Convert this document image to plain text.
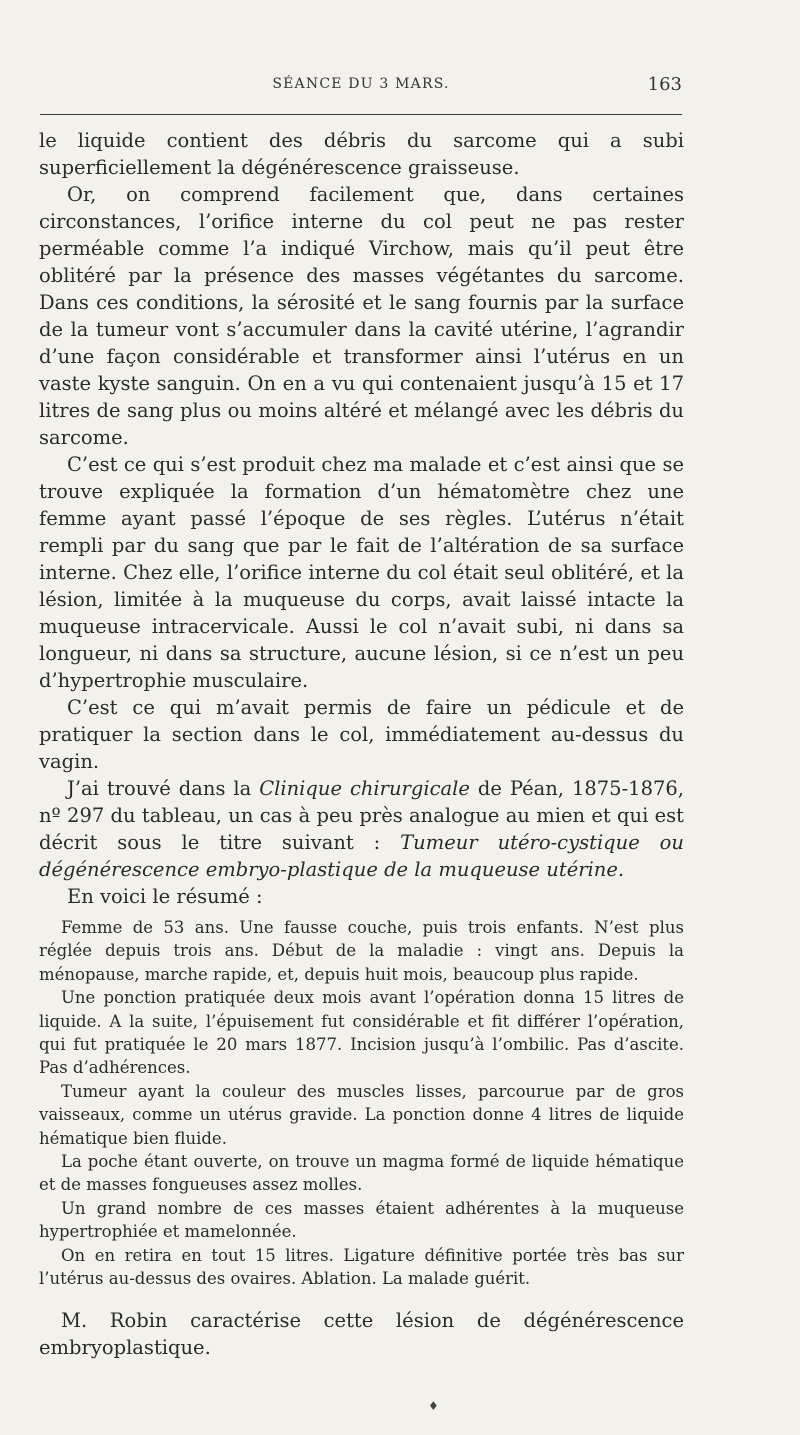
SÉANCE DU 3 MARS.	163

le liquide contient des débris du sarcome qui a subi superficiellement la dégénérescence graisseuse.

Or, on comprend facilement que, dans certaines circonstances, l’orifice interne du col peut ne pas rester perméable comme l’a indiqué Virchow, mais qu’il peut être oblitéré par la présence des masses végétantes du sarcome. Dans ces conditions, la sérosité et le sang fournis par la surface de la tumeur vont s’accumuler dans la cavité utérine, l’agrandir d’une façon considérable et transformer ainsi l’utérus en un vaste kyste sanguin. On en a vu qui contenaient jusqu’à 15 et 17 litres de sang plus ou moins altéré et mélangé avec les débris du sarcome.

C’est ce qui s’est produit chez ma malade et c’est ainsi que se trouve expliquée la formation d’un hématomètre chez une femme ayant passé l’époque de ses règles. L’utérus n’était rempli par du sang que par le fait de l’altération de sa surface interne. Chez elle, l’orifice interne du col était seul oblitéré, et la lésion, limitée à la muqueuse du corps, avait laissé intacte la muqueuse intracervicale. Aussi le col n’avait subi, ni dans sa longueur, ni dans sa structure, aucune lésion, si ce n’est un peu d’hypertrophie musculaire.

C’est ce qui m’avait permis de faire un pédicule et de pratiquer la section dans le col, immédiatement au-dessus du vagin.

J’ai trouvé dans la Clinique chirurgicale de Péan, 1875-1876, nº 297 du tableau, un cas à peu près analogue au mien et qui est décrit sous le titre suivant : Tumeur utéro-cystique ou dégénérescence embryo-plastique de la muqueuse utérine.

En voici le résumé :

Femme de 53 ans. Une fausse couche, puis trois enfants. N’est plus réglée depuis trois ans. Début de la maladie : vingt ans. Depuis la ménopause, marche rapide, et, depuis huit mois, beaucoup plus rapide.

Une ponction pratiquée deux mois avant l’opération donna 15 litres de liquide. A la suite, l’épuisement fut considérable et fit différer l’opération, qui fut pratiquée le 20 mars 1877. Incision jusqu’à l’ombilic. Pas d’ascite. Pas d’adhérences.

Tumeur ayant la couleur des muscles lisses, parcourue par de gros vaisseaux, comme un utérus gravide. La ponction donne 4 litres de liquide hématique bien fluide.

La poche étant ouverte, on trouve un magma formé de liquide hématique et de masses fongueuses assez molles.

Un grand nombre de ces masses étaient adhérentes à la muqueuse hypertrophiée et mamelonnée.

On en retira en tout 15 litres. Ligature définitive portée très bas sur l’utérus au-dessus des ovaires. Ablation. La malade guérit.

M. Robin caractérise cette lésion de dégénérescence embryoplastique.

♦
